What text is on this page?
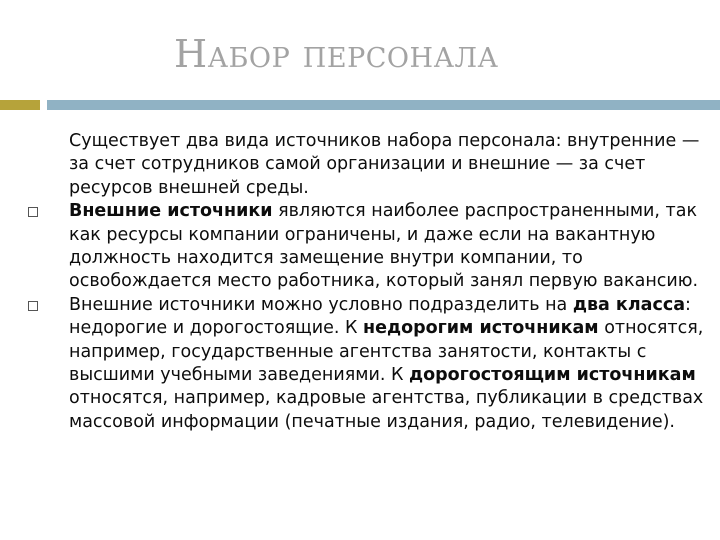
Набор персонала

Существует два вида источников набора персонала: внутренние — за счет сотрудников самой организации и внешние — за счет ресурсов внешней среды.

Внешние источники являются наиболее распространенными, так как ресурсы компании ограничены, и даже если на вакантную должность находится замещение внутри компании, то освобождается место работника, который занял первую вакансию.

Внешние источники можно условно подразделить на два класса: недорогие и дорогостоящие. К недорогим источникам относятся, например, государственные агентства занятости, контакты с высшими учебными заведениями. К дорогостоящим источникам относятся, например, кадровые агентства, публикации в средствах массовой информации (печатные издания, радио, телевидение).
